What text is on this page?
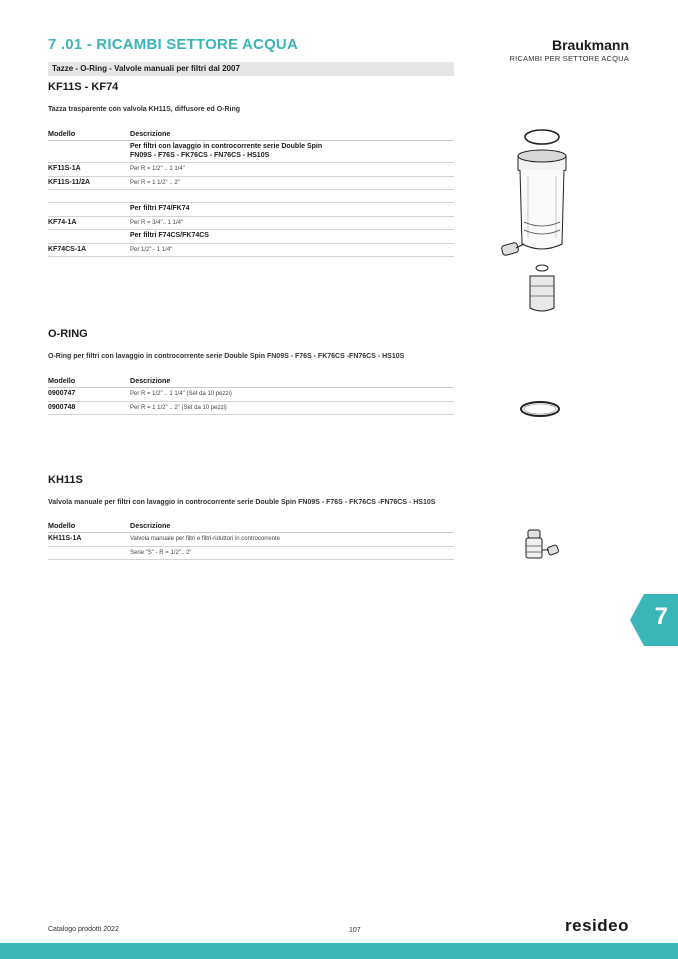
7 .01 - RICAMBI SETTORE ACQUA	Braukmann
RICAMBI PER SETTORE ACQUA
Tazze - O-Ring - Valvole manuali per filtri dal 2007
KF11S - KF74
Tazza trasparente con valvola KH11S, diffusore ed O-Ring
Modello	Descrizione

	Per filtri con lavaggio in controcorrente serie Double Spin
FN09S - F76S - FK76CS - FN76CS - HS10S

KF11S-1A	Per R = 1/2" .. 1 1/4"
KF11S-11/2A	Per R = 1 1/2" .. 2"

	Per filtri F74/FK74
KF74-1A	Per R = 3/4".. 1 1/4"
	Per filtri F74CS/FK74CS
KF74CS-1A	Per 1/2" - 1 1/4"
O-RING
O-Ring per filtri con lavaggio in controcorrente serie Double Spin FN09S - F76S - FK76CS -FN76CS - HS10S
Modello	Descrizione
0900747	Per R = 1/2" .. 1 1/4" (Set da 10 pezzi)
0900748	Per R = 1 1/2" .. 2" (Set da 10 pezzi)
KH11S
Valvola manuale per filtri con lavaggio in controcorrente serie Double Spin FN09S - F76S - FK76CS -FN76CS - HS10S
Modello	Descrizione
KH11S-1A	Valvola manuale per filtri e filtri-riduttori in controcorrente
	Serie "S" - R = 1/2".. 2"
7
Catalogo prodotti 2022	107	resideo
